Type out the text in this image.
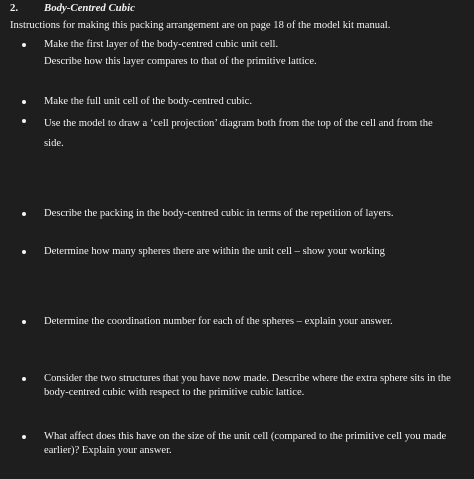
2. Body-Centred Cubic
Instructions for making this packing arrangement are on page 18 of the model kit manual.

Make the first layer of the body-centred cubic unit cell.

Describe how this layer compares to that of the primitive lattice.

Make the full unit cell of the body-centred cubic.

Use the model to draw a ‘cell projection’ diagram both from the top of the cell and from the side.

Describe the packing in the body-centred cubic in terms of the repetition of layers.

Determine how many spheres there are within the unit cell – show your working

Determine the coordination number for each of the spheres – explain your answer.

Consider the two structures that you have now made. Describe where the extra sphere sits in the body-centred cubic with respect to the primitive cubic lattice.

What affect does this have on the size of the unit cell (compared to the primitive cell you made earlier)? Explain your answer.
